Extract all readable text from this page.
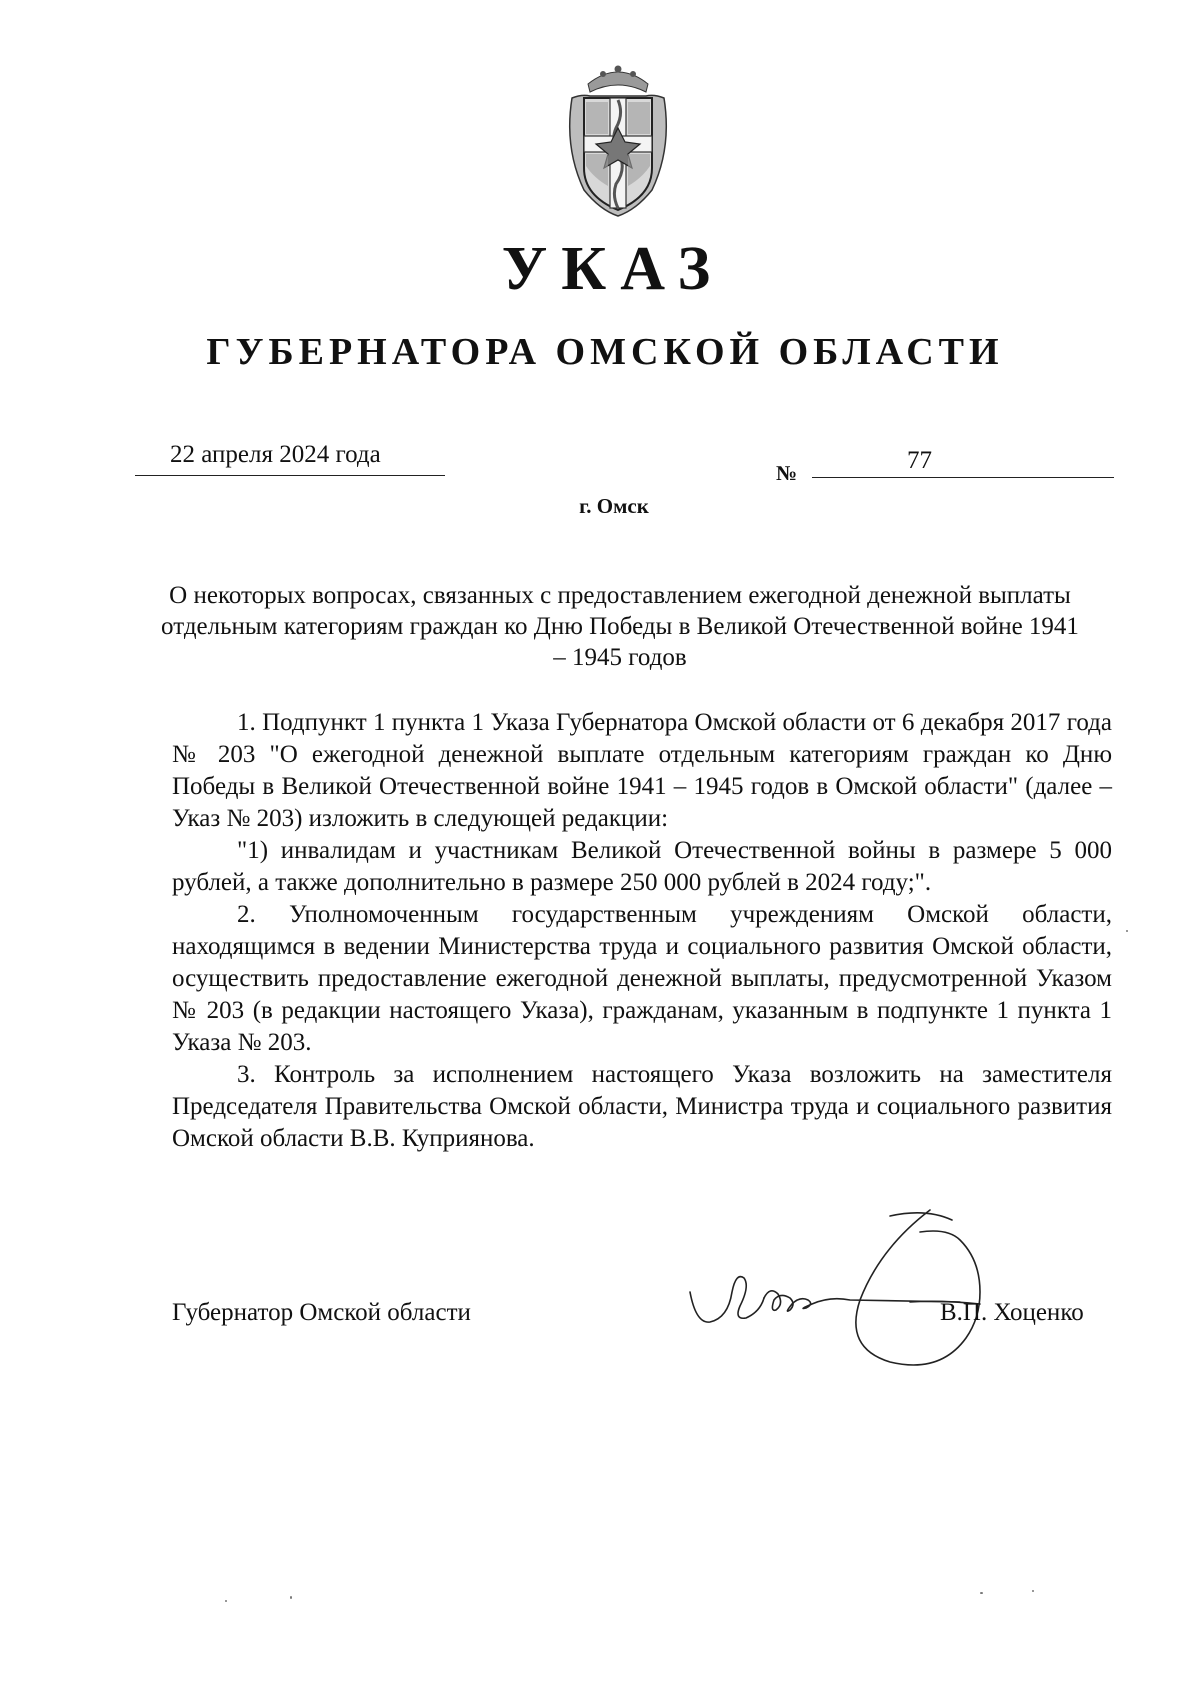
УКАЗ
ГУБЕРНАТОРА ОМСКОЙ ОБЛАСТИ
22 апреля 2024 года
№	77
г. Омск
О некоторых вопросах, связанных с предоставлением ежегодной денежной выплаты отдельным категориям граждан ко Дню Победы в Великой Отечественной войне 1941 – 1945 годов

1. Подпункт 1 пункта 1 Указа Губернатора Омской области от 6 декабря 2017 года № 203 "О ежегодной денежной выплате отдельным категориям граждан ко Дню Победы в Великой Отечественной войне 1941 – 1945 годов в Омской области" (далее – Указ № 203) изложить в следующей редакции:

"1) инвалидам и участникам Великой Отечественной войны в размере 5 000 рублей, а также дополнительно в размере 250 000 рублей в 2024 году;".

2. Уполномоченным государственным учреждениям Омской области, находящимся в ведении Министерства труда и социального развития Омской области, осуществить предоставление ежегодной денежной выплаты, предусмотренной Указом № 203 (в редакции настоящего Указа), гражданам, указанным в подпункте 1 пункта 1 Указа № 203.

3. Контроль за исполнением настоящего Указа возложить на заместителя Председателя Правительства Омской области, Министра труда и социального развития Омской области В.В. Куприянова.

Губернатор Омской области	В.П. Хоценко
